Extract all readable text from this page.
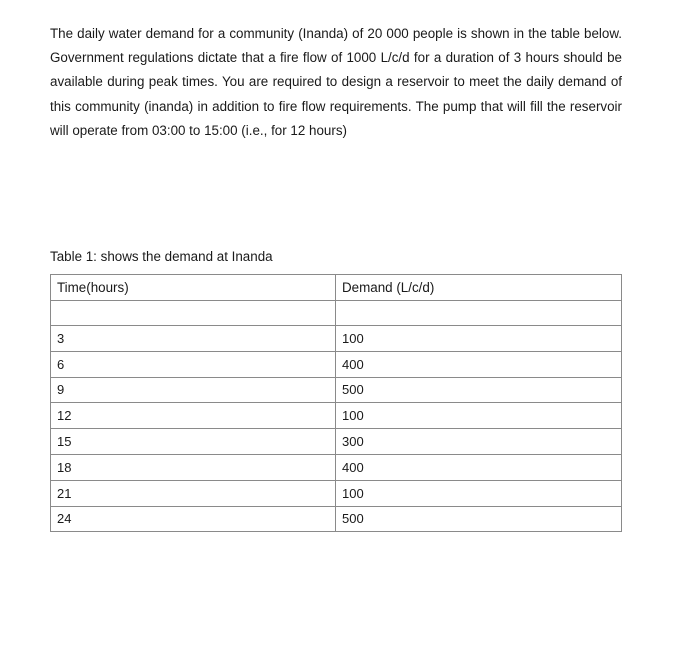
The daily water demand for a community (Inanda) of 20 000 people is shown in the table below. Government regulations dictate that a fire flow of 1000 L/c/d for a duration of 3 hours should be available during peak times. You are required to design a reservoir to meet the daily demand of this community (inanda) in addition to fire flow requirements. The pump that will fill the reservoir will operate from 03:00 to 15:00 (i.e., for 12 hours)

Table 1: shows the demand at Inanda

Time(hours)	Demand (L/c/d)

3	100
6	400
9	500
12	100
15	300
18	400
21	100
24	500
